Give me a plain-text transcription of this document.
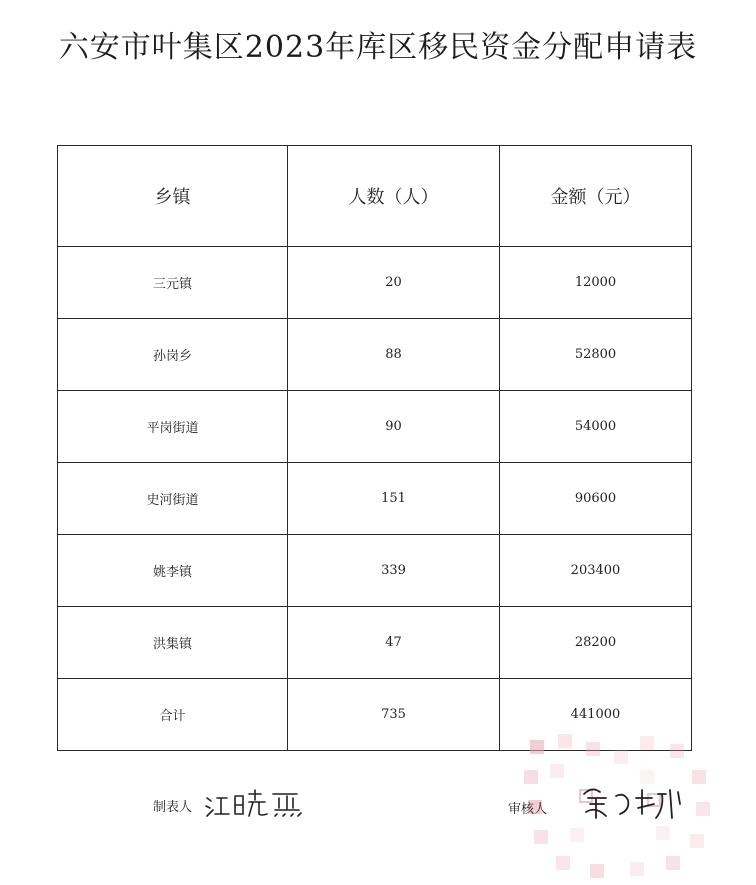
六安市叶集区2023年库区移民资金分配申请表
乡镇	人数（人）	金额（元）
三元镇	20	12000
孙岗乡	88	52800
平岗街道	90	54000
史河街道	151	90600
姚李镇	339	203400
洪集镇	47	28200
合计	735	441000
制表人	审核人
